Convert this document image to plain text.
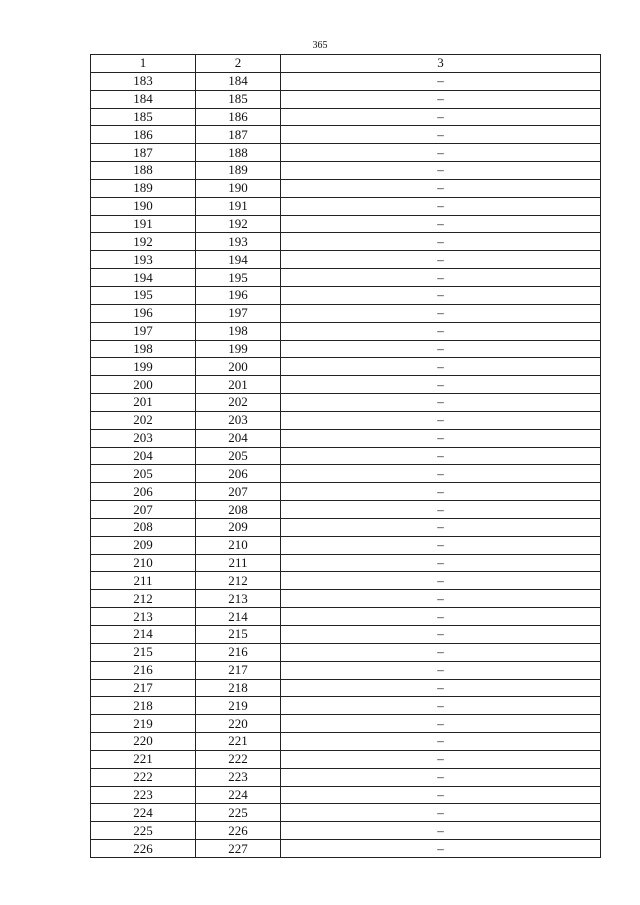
365
1	2	3
183	184	–
184	185	–
185	186	–
186	187	–
187	188	–
188	189	–
189	190	–
190	191	–
191	192	–
192	193	–
193	194	–
194	195	–
195	196	–
196	197	–
197	198	–
198	199	–
199	200	–
200	201	–
201	202	–
202	203	–
203	204	–
204	205	–
205	206	–
206	207	–
207	208	–
208	209	–
209	210	–
210	211	–
211	212	–
212	213	–
213	214	–
214	215	–
215	216	–
216	217	–
217	218	–
218	219	–
219	220	–
220	221	–
221	222	–
222	223	–
223	224	–
224	225	–
225	226	–
226	227	–
